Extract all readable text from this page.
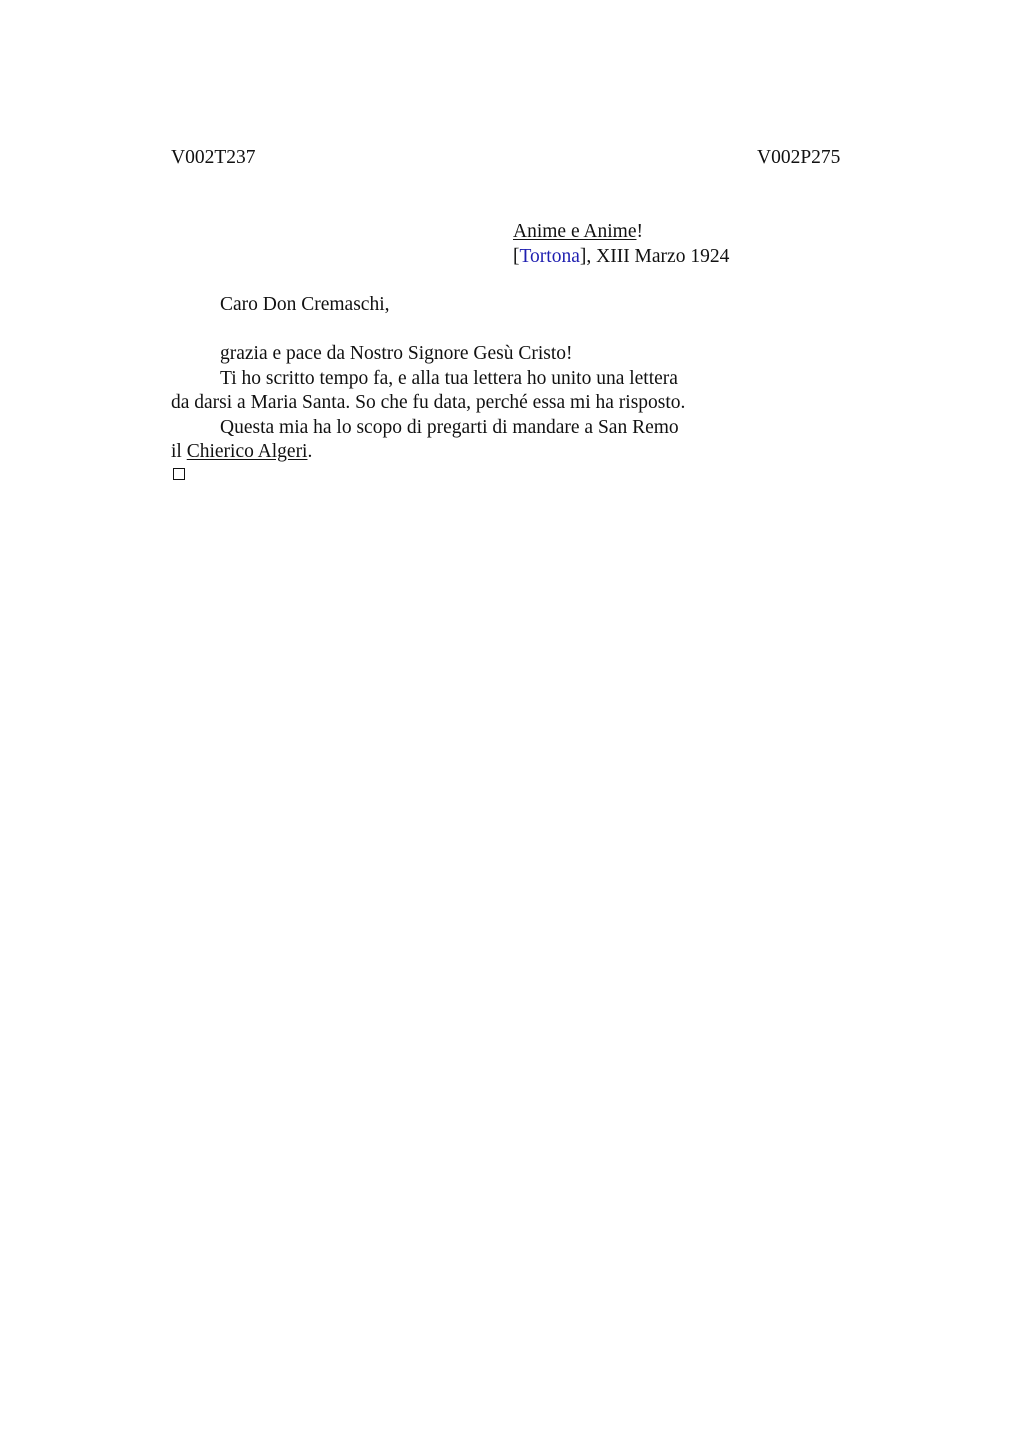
V002T237	V002P275
Anime e Anime!
[Tortona], XIII Marzo 1924
Caro Don Cremaschi,
grazia e pace da Nostro Signore Gesù Cristo!
Ti ho scritto tempo fa, e alla tua lettera ho unito una lettera
da darsi a Maria Santa. So che fu data, perché essa mi ha risposto.
Questa mia ha lo scopo di pregarti di mandare a San Remo
il Chierico Algeri.
